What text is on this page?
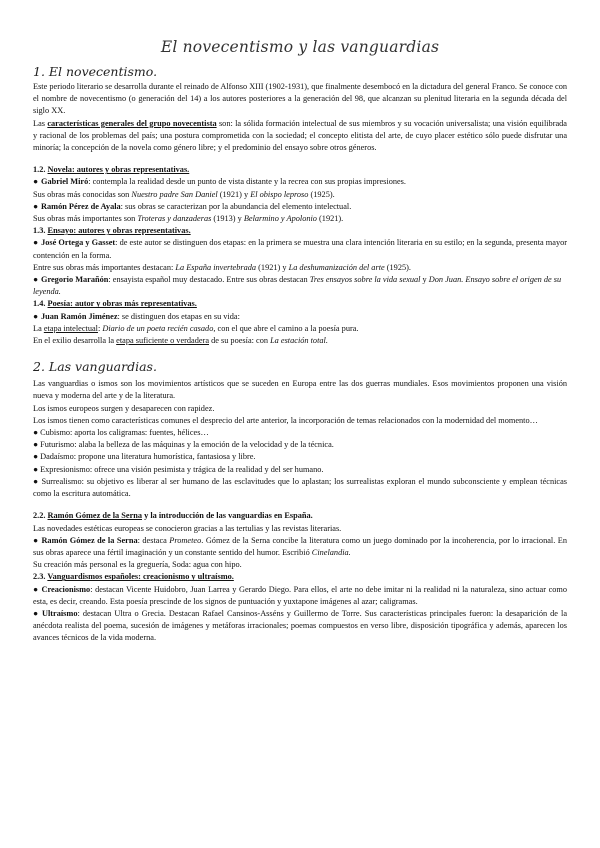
El novecentismo y las vanguardias
1. El novecentismo.

Este periodo literario se desarrolla durante el reinado de Alfonso XIII (1902-1931), que finalmente desembocó en la dictadura del general Franco. Se conoce con el nombre de novecentismo (o generación del 14) a los autores posteriores a la generación del 98, que alcanzan su plenitud literaria en la segunda década del siglo XX.

Las características generales del grupo novecentista son: la sólida formación intelectual de sus miembros y su vocación universalista; una visión equilibrada y racional de los problemas del país; una postura comprometida con la sociedad; el concepto elitista del arte, de cuyo placer estético sólo puede disfrutar una minoría; la concepción de la novela como género libre; y el predominio del ensayo sobre otros géneros.

1.2. Novela: autores y obras representativas.

● Gabriel Miró: contempla la realidad desde un punto de vista distante y la recrea con sus propias impresiones.

Sus obras más conocidas son Nuestro padre San Daniel (1921) y El obispo leproso (1925).

● Ramón Pérez de Ayala: sus obras se caracterizan por la abundancia del elemento intelectual.

Sus obras más importantes son Troteras y danzaderas (1913) y Belarmino y Apolonio (1921).

1.3. Ensayo: autores y obras representativas.

● José Ortega y Gasset: de este autor se distinguen dos etapas: en la primera se muestra una clara intención literaria en su estilo; en la segunda, presenta mayor contención en la forma.

Entre sus obras más importantes destacan: La España invertebrada (1921) y La deshumanización del arte (1925).

● Gregorio Marañón: ensayista español muy destacado. Entre sus obras destacan Tres ensayos sobre la vida sexual y Don Juan. Ensayo sobre el origen de su leyenda.

1.4. Poesía: autor y obras más representativas.

● Juan Ramón Jiménez: se distinguen dos etapas en su vida:

La etapa intelectual: Diario de un poeta recién casado, con el que abre el camino a la poesía pura.

En el exilio desarrolla la etapa suficiente o verdadera de su poesía: con La estación total.

2. Las vanguardias.

Las vanguardias o ismos son los movimientos artísticos que se suceden en Europa entre las dos guerras mundiales. Esos movimientos proponen una visión nueva y moderna del arte y de la literatura.

Los ismos europeos surgen y desaparecen con rapidez.

Los ismos tienen como características comunes el desprecio del arte anterior, la incorporación de temas relacionados con la modernidad del momento…

● Cubismo: aporta los caligramas: fuentes, hélices…

● Futurismo: alaba la belleza de las máquinas y la emoción de la velocidad y de la técnica.

● Dadaísmo: propone una literatura humorística, fantasiosa y libre.

● Expresionismo: ofrece una visión pesimista y trágica de la realidad y del ser humano.

● Surrealismo: su objetivo es liberar al ser humano de las esclavitudes que lo aplastan; los surrealistas exploran el mundo subconsciente y emplean técnicas como la escritura automática.

2.2. Ramón Gómez de la Serna y la introducción de las vanguardias en España.

Las novedades estéticas europeas se conocieron gracias a las tertulias y las revistas literarias.

● Ramón Gómez de la Serna: destaca Prometeo. Gómez de la Serna concibe la literatura como un juego dominado por la incoherencia, por lo irracional. En sus obras aparece una fértil imaginación y un constante sentido del humor. Escribió Cinelandia.

Su creación más personal es la greguería, Soda: agua con hipo.

2.3. Vanguardismos españoles: creacionismo y ultraísmo.

● Creacionismo: destacan Vicente Huidobro, Juan Larrea y Gerardo Diego. Para ellos, el arte no debe imitar ni la realidad ni la naturaleza, sino actuar como esta, es decir, creando. Esta poesía prescinde de los signos de puntuación y yuxtapone imágenes al azar; caligramas.

● Ultraísmo: destacan Ultra o Grecia. Destacan Rafael Cansinos-Asséns y Guillermo de Torre. Sus características principales fueron: la desaparición de la anécdota realista del poema, sucesión de imágenes y metáforas irracionales; poemas compuestos en verso libre, disposición tipográfica y además, aparecen los avances técnicos de la vida moderna.
